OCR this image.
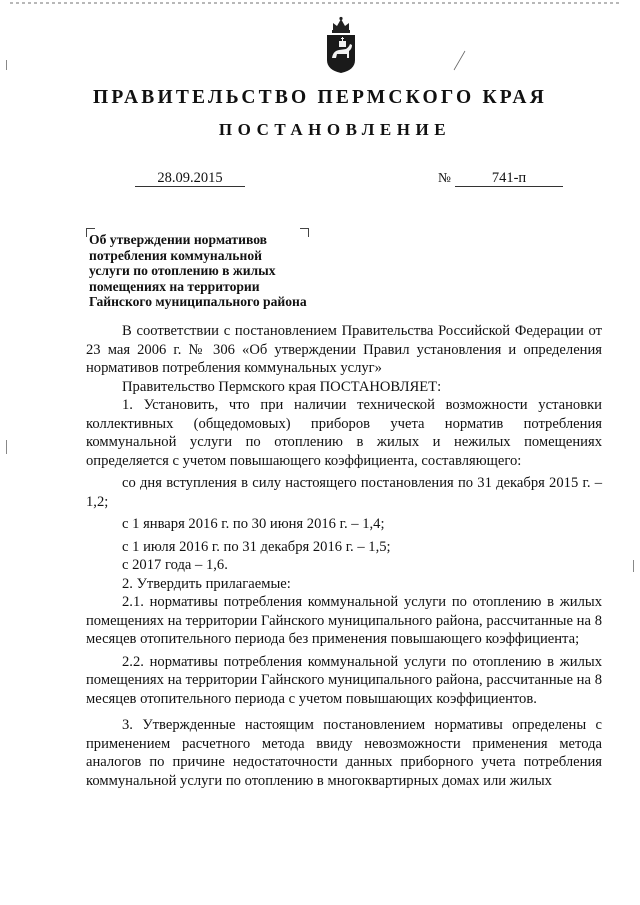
ПРАВИТЕЛЬСТВО ПЕРМСКОГО КРАЯ
ПОСТАНОВЛЕНИЕ
28.09.2015	№	741-п
Об утверждении нормативов
потребления коммунальной
услуги по отоплению в жилых
помещениях на территории
Гайнского муниципального района

В соответствии с постановлением Правительства Российской Федерации от 23 мая 2006 г. № 306 «Об утверждении Правил установления и определения нормативов потребления коммунальных услуг»

Правительство Пермского края ПОСТАНОВЛЯЕТ:

1. Установить, что при наличии технической возможности установки коллективных (общедомовых) приборов учета норматив потребления коммунальной услуги по отоплению в жилых и нежилых помещениях определяется с учетом повышающего коэффициента, составляющего:

со дня вступления в силу настоящего постановления по 31 декабря 2015 г. – 1,2;

с 1 января 2016 г. по 30 июня 2016 г. – 1,4;

с 1 июля 2016 г. по 31 декабря 2016 г. – 1,5;

с 2017 года – 1,6.

2. Утвердить прилагаемые:

2.1. нормативы потребления коммунальной услуги по отоплению в жилых помещениях на территории Гайнского муниципального района, рассчитанные на 8 месяцев отопительного периода без применения повышающего коэффициента;

2.2. нормативы потребления коммунальной услуги по отоплению в жилых помещениях на территории Гайнского муниципального района, рассчитанные на 8 месяцев отопительного периода с учетом повышающих коэффициентов.

3. Утвержденные настоящим постановлением нормативы определены с применением расчетного метода ввиду невозможности применения метода аналогов по причине недостаточности данных приборного учета потребления коммунальной услуги по отоплению в многоквартирных домах или жилых
